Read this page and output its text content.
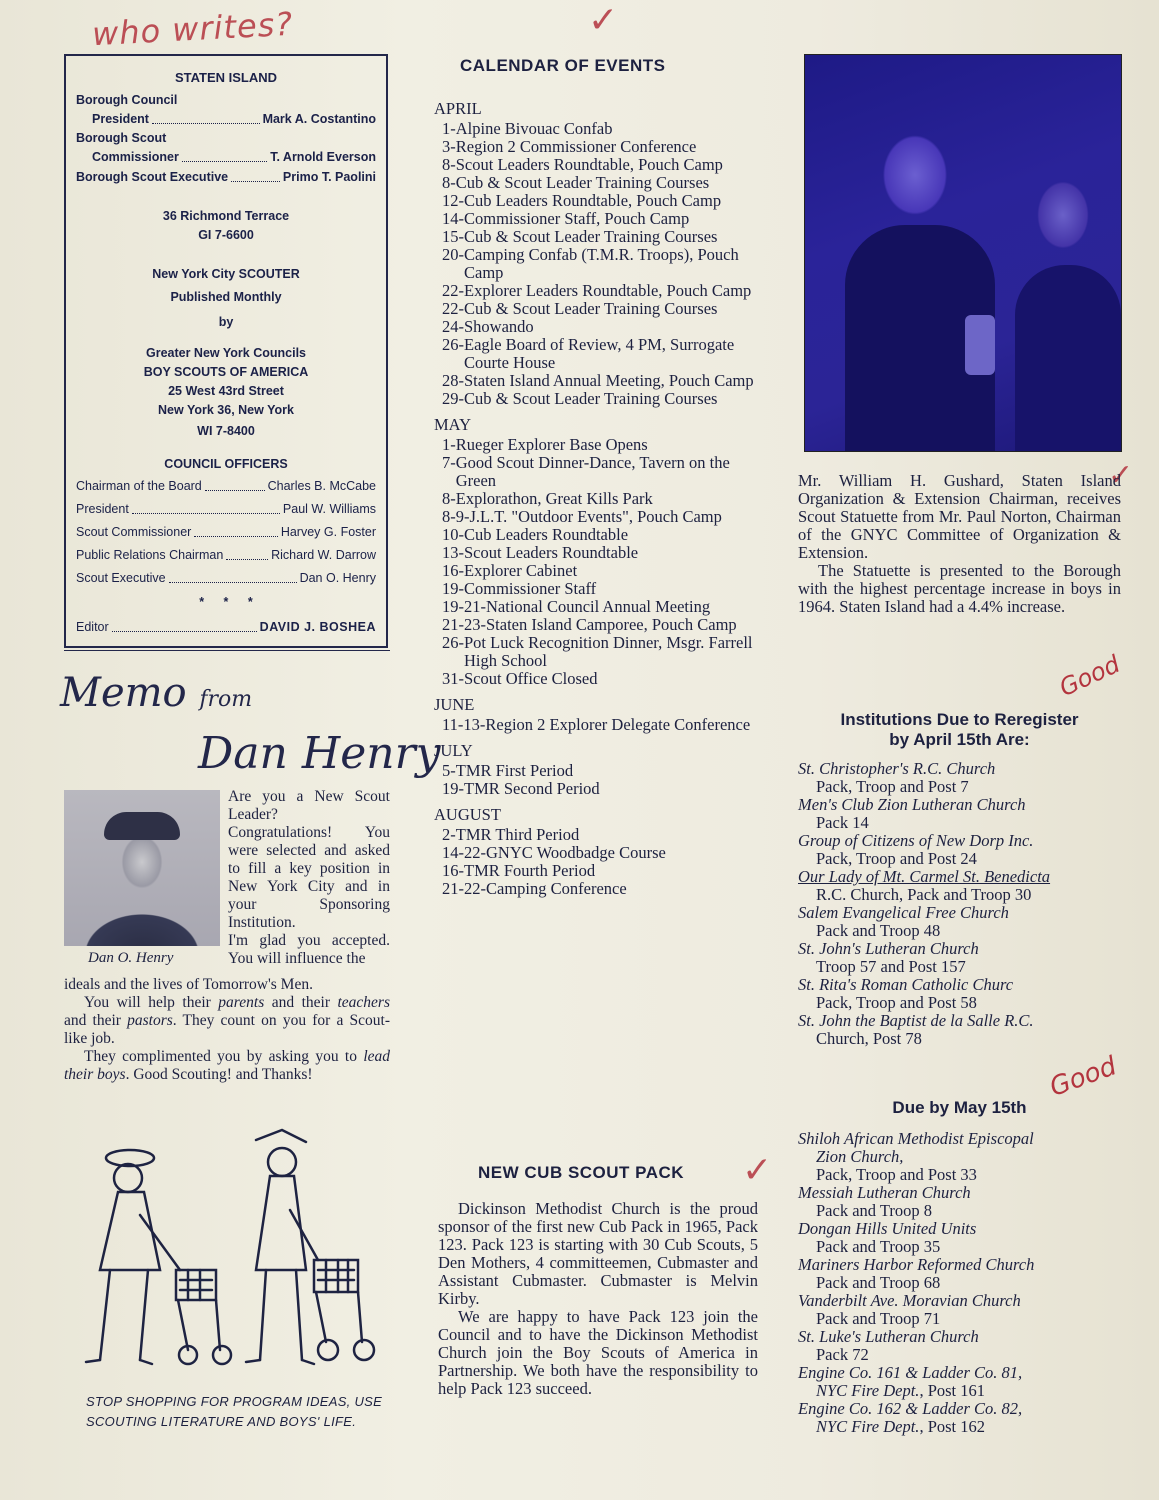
who writes?	✓
✓
✓
Good
Good
STATEN ISLAND
Borough Council
President	Mark A. Costantino
Borough Scout
Commissioner	T. Arnold Everson
Borough Scout Executive	Primo T. Paolini
36 Richmond Terrace
GI 7-6600
New York City SCOUTER
Published Monthly
by
Greater New York Councils
BOY SCOUTS OF AMERICA
25 West 43rd Street
New York 36, New York
WI 7-8400
COUNCIL OFFICERS
Chairman of the Board	Charles B. McCabe
President	Paul W. Williams
Scout Commissioner	Harvey G. Foster
Public Relations Chairman	Richard W. Darrow
Scout Executive	Dan O. Henry
* * *
Editor	DAVID J. BOSHEA
Memo from
Dan Henry
Dan O. Henry

Are you a New Scout Leader?

Congratulations! You were selected and asked to fill a key position in New York City and in your Sponsoring Institution.

I'm glad you accepted. You will influence the

ideals and the lives of Tomorrow's Men.

You will help their parents and their teachers and their pastors. They count on you for a Scout-like job.

They complimented you by asking you to lead their boys. Good Scouting! and Thanks!

STOP SHOPPING FOR PROGRAM IDEAS, USE SCOUTING LITERATURE AND BOYS' LIFE.
CALENDAR OF EVENTS
APRIL
1- Alpine Bivouac Confab
3- Region 2 Commissioner Conference
8- Scout Leaders Roundtable, Pouch Camp
8- Cub & Scout Leader Training Courses
12- Cub Leaders Roundtable, Pouch Camp
14- Commissioner Staff, Pouch Camp
15- Cub & Scout Leader Training Courses
20- Camping Confab (T.M.R. Troops), Pouch Camp
22- Explorer Leaders Roundtable, Pouch Camp
22- Cub & Scout Leader Training Courses
24- Showando
26- Eagle Board of Review, 4 PM, Surrogate Courte House
28- Staten Island Annual Meeting, Pouch Camp
29- Cub & Scout Leader Training Courses
MAY
1- Rueger Explorer Base Opens
7- Good Scout Dinner-Dance, Tavern on the Green
8- Explorathon, Great Kills Park
8-9- J.L.T. "Outdoor Events", Pouch Camp
10- Cub Leaders Roundtable
13- Scout Leaders Roundtable
16- Explorer Cabinet
19- Commissioner Staff
19-21- National Council Annual Meeting
21-23- Staten Island Camporee, Pouch Camp
26- Pot Luck Recognition Dinner, Msgr. Farrell High School
31- Scout Office Closed
JUNE
11-13- Region 2 Explorer Delegate Conference
JULY
5- TMR First Period
19- TMR Second Period
AUGUST
2- TMR Third Period
14-22- GNYC Woodbadge Course
16- TMR Fourth Period
21-22- Camping Conference
NEW CUB SCOUT PACK

Dickinson Methodist Church is the proud sponsor of the first new Cub Pack in 1965, Pack 123. Pack 123 is starting with 30 Cub Scouts, 5 Den Mothers, 4 committeemen, Cubmaster and Assistant Cubmaster. Cubmaster is Melvin Kirby.

We are happy to have Pack 123 join the Council and to have the Dickinson Methodist Church join the Boy Scouts of America in Partnership. We both have the responsibility to help Pack 123 succeed.

Mr. William H. Gushard, Staten Island Organization & Extension Chairman, receives Scout Statuette from Mr. Paul Norton, Chairman of the GNYC Committee of Organization & Extension.

The Statuette is presented to the Borough with the highest percentage increase in boys in 1964. Staten Island had a 4.4% increase.

Institutions Due to Reregister
by April 15th Are:
St. Christopher's R.C. Church
Pack, Troop and Post 7
Men's Club Zion Lutheran Church
Pack 14
Group of Citizens of New Dorp Inc.
Pack, Troop and Post 24
Our Lady of Mt. Carmel St. Benedicta
R.C. Church, Pack and Troop 30
Salem Evangelical Free Church
Pack and Troop 48
St. John's Lutheran Church
Troop 57 and Post 157
St. Rita's Roman Catholic Churc
Pack, Troop and Post 58
St. John the Baptist de la Salle R.C.
Church, Post 78
Due by May 15th
Shiloh African Methodist Episcopal
Zion Church,
Pack, Troop and Post 33
Messiah Lutheran Church
Pack and Troop 8
Dongan Hills United Units
Pack and Troop 35
Mariners Harbor Reformed Church
Pack and Troop 68
Vanderbilt Ave. Moravian Church
Pack and Troop 71
St. Luke's Lutheran Church
Pack 72
Engine Co. 161 & Ladder Co. 81,
NYC Fire Dept., Post 161
Engine Co. 162 & Ladder Co. 82,
NYC Fire Dept., Post 162
